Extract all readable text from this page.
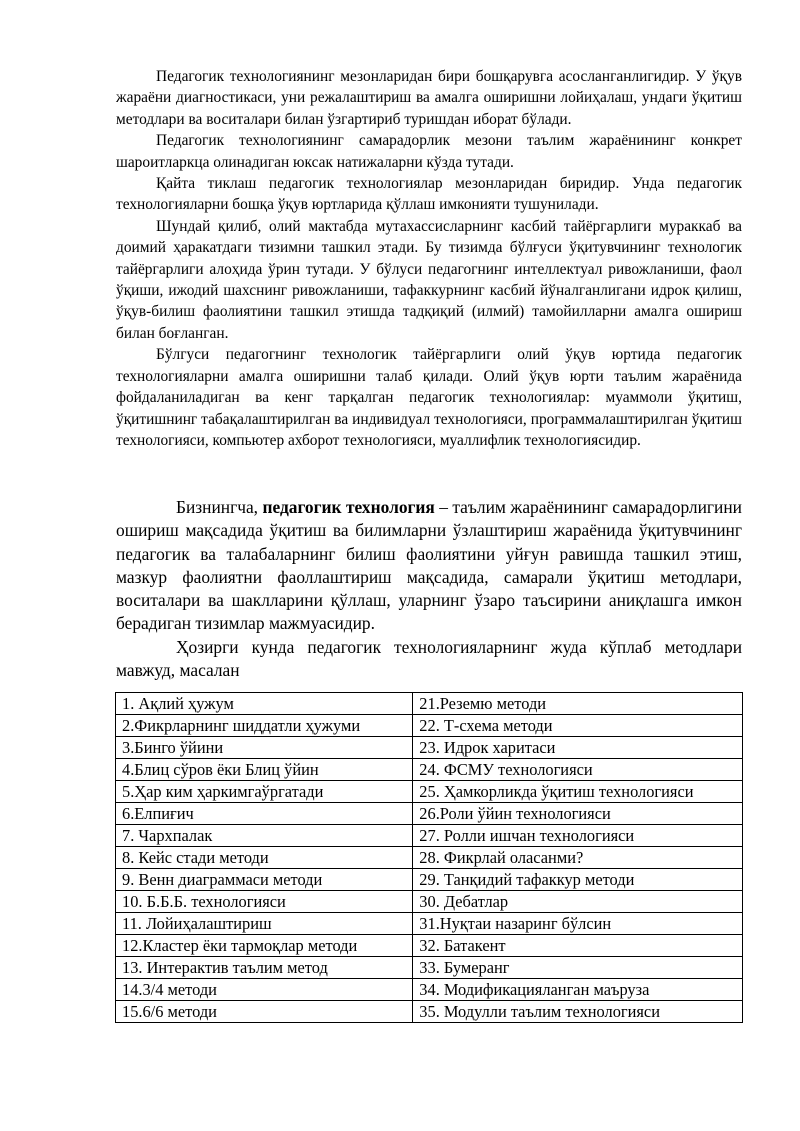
Педагогик технологиянинг мезонларидан бири бошқарувга асосланганлигидир. У ўқув жараёни диагностикаси, уни режалаштириш ва амалга оширишни лойиҳалаш, ундаги ўқитиш методлари ва воситалари билан ўзгартириб туришдан иборат бўлади.

Педагогик технологиянинг самарадорлик мезони таълим жараёнининг конкрет шароитларкца олинадиган юксак натижаларни кўзда тутади.

Қайта тиклаш педагогик технологиялар мезонларидан биридир. Унда педагогик технологияларни бошқа ўқув юртларида қўллаш имконияти тушунилади.

Шундай қилиб, олий мактабда мутахассисларнинг касбий тайёргарлиги мураккаб ва доимий ҳаракатдаги тизимни ташкил этади. Бу тизимда бўлғуси ўқитувчининг технологик тайёргарлиги алоҳида ўрин тутади. У бўлуси педагогнинг интеллектуал ривожланиши, фаол ўқиши, ижодий шахснинг ривожланиши, тафаккурнинг касбий йўналганлигани идрок қилиш, ўқув-билиш фаолиятини ташкил этишда тадқиқий (илмий) тамойилларни амалга ошириш билан боғланган.

Бўлгуси педагогнинг технологик тайёргарлиги олий ўқув юртида педагогик технологияларни амалга оширишни талаб қилади. Олий ўқув юрти таълим жараёнида фойдаланиладиган ва кенг тарқалган педагогик технологиялар: муаммоли ўқитиш, ўқитишнинг табақалаштирилган ва индивидуал технологияси, программалаштирилган ўқитиш технологияси, компьютер ахборот технологияси, муаллифлик технологиясидир.

Бизнингча, педагогик технология – таълим жараёнининг самарадорлигини ошириш мақсадида ўқитиш ва билимларни ўзлаштириш жараёнида ўқитувчининг педагогик ва талабаларнинг билиш фаолиятини уйғун равишда ташкил этиш, мазкур фаолиятни фаоллаштириш мақсадида, самарали ўқитиш методлари, воситалари ва шаклларини қўллаш, уларнинг ўзаро таъсирини аниқлашга имкон берадиган тизимлар мажмуасидир.

Ҳозирги кунда педагогик технологияларнинг жуда кўплаб методлари мавжуд, масалан

1. Ақлий ҳужум	21.Реземю методи
2.Фикрларнинг шиддатли ҳужуми	22. Т-схема методи
3.Бинго ўйини	23. Идрок харитаси
4.Блиц сўров ёки Блиц ўйин	24. ФСМУ технологияси
5.Ҳар ким ҳаркимгаўргатади	25. Ҳамкорликда ўқитиш технологияси
6.Елпиғич	26.Роли ўйин технологияси
7. Чархпалак	27. Ролли ишчан технологияси
8. Кейс стади методи	28. Фикрлай оласанми?
9. Венн диаграммаси методи	29. Танқидий тафаккур методи
10. Б.Б.Б. технологияси	30. Дебатлар
11. Лойиҳалаштириш	31.Нуқтаи назаринг бўлсин
12.Кластер ёки тармоқлар методи	32. Батакент
13. Интерактив таълим метод	33. Бумеранг
14.3/4 методи	34. Модификацияланган маъруза
15.6/6 методи	35. Модулли таълим технологияси
